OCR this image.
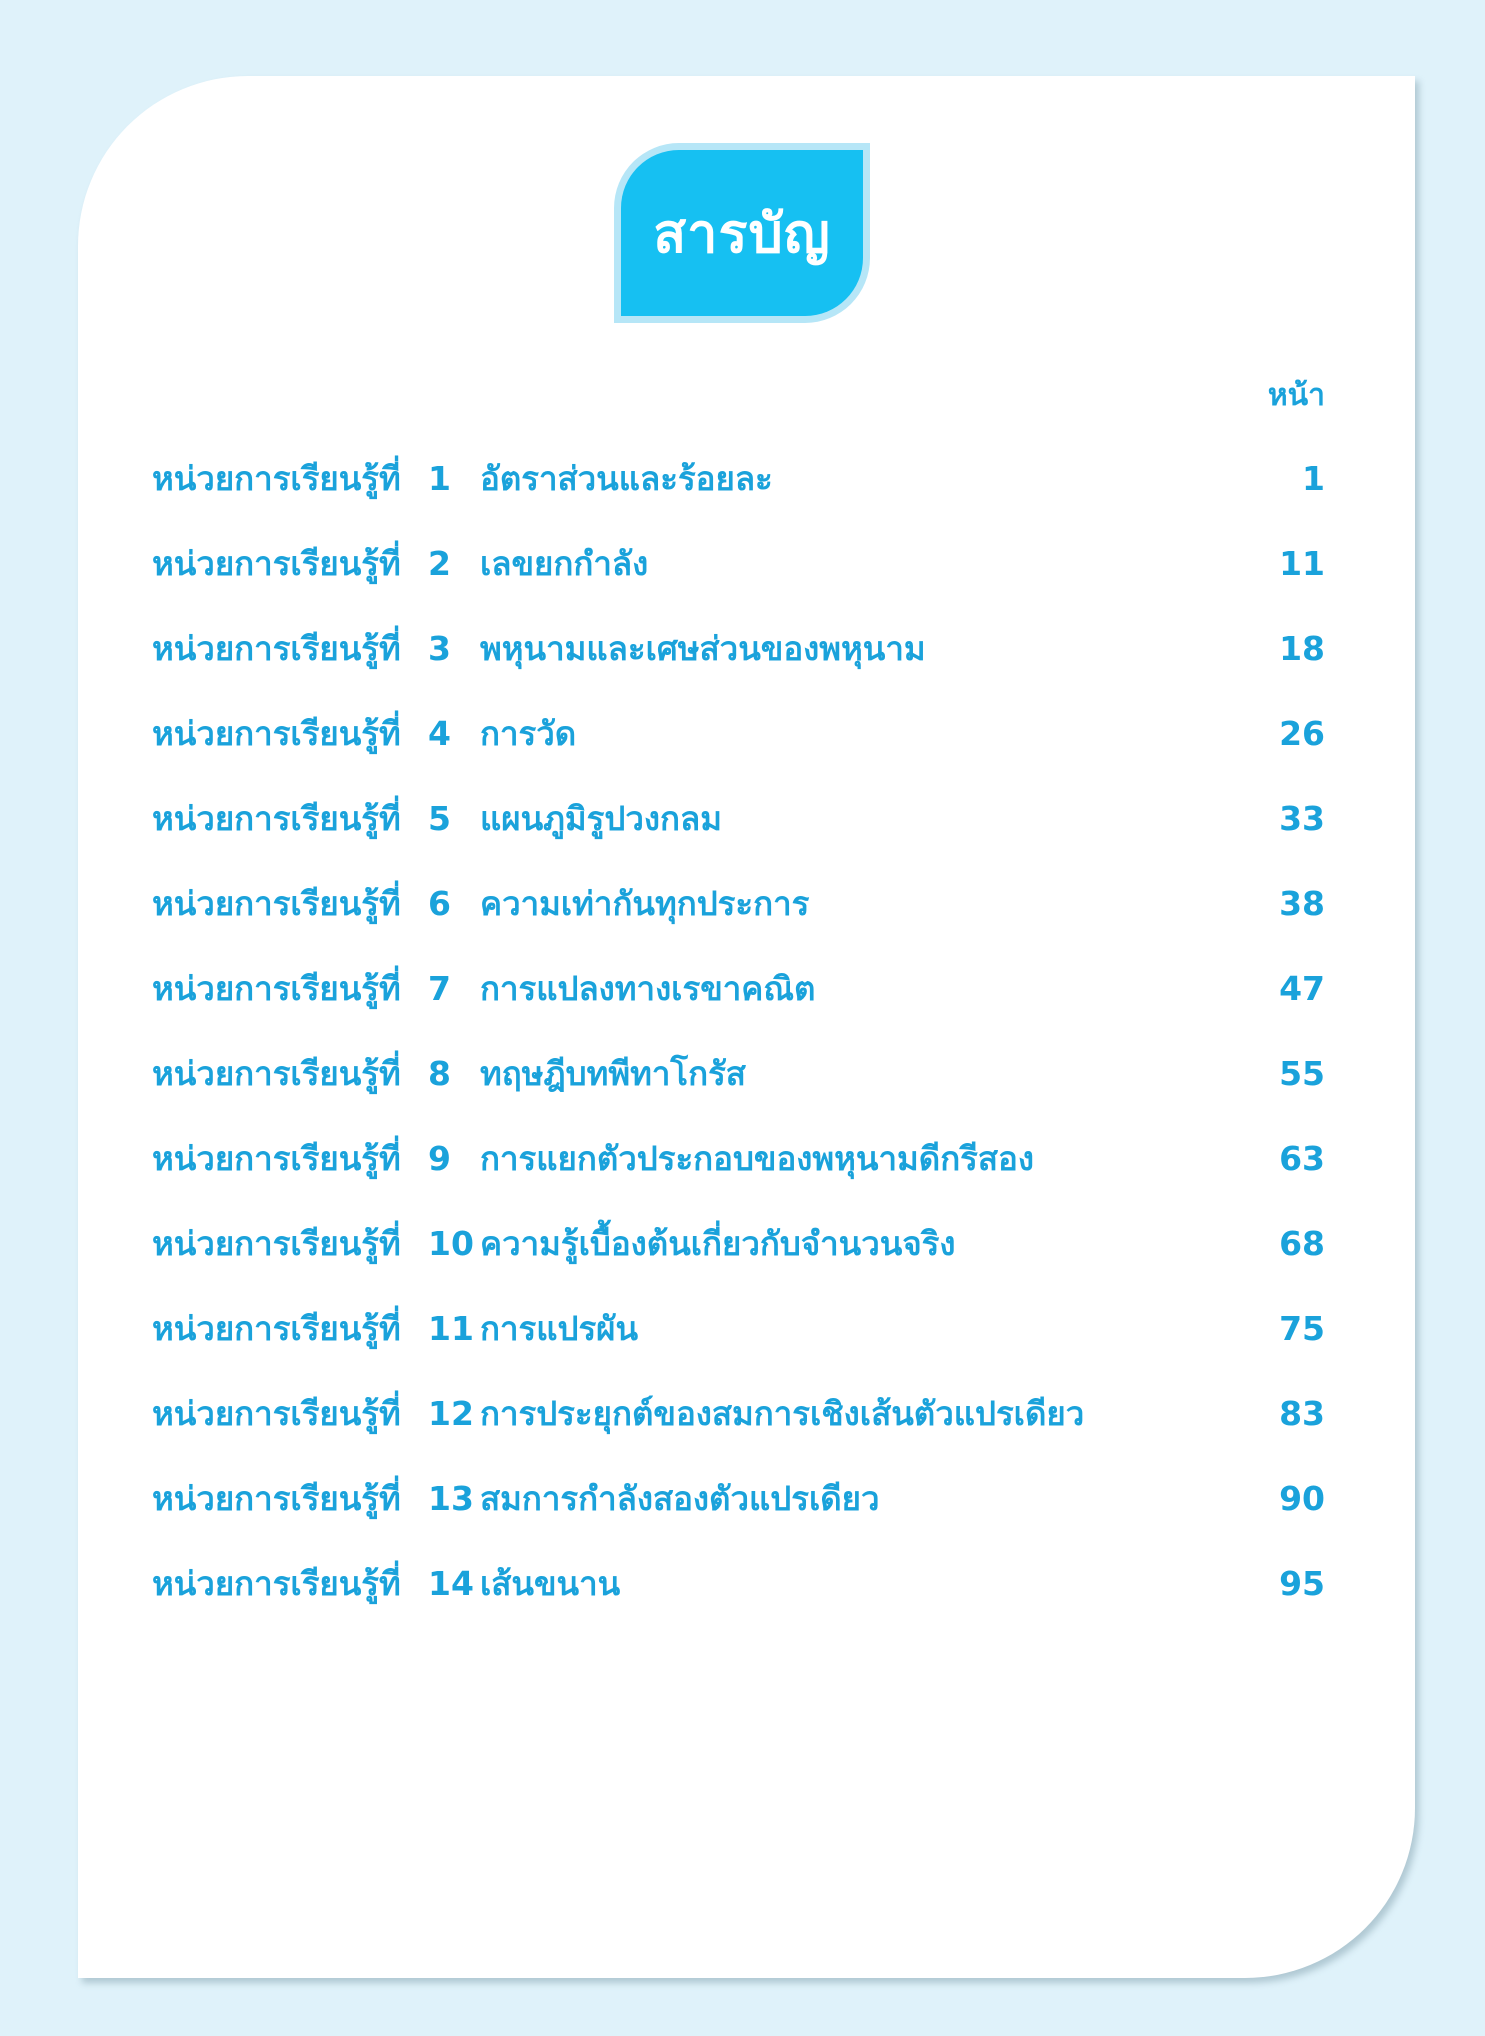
สารบัญ
หน้า
หน่วยการเรียนรู้ที่ 1 อัตราส่วนและร้อยละ	1
หน่วยการเรียนรู้ที่ 2 เลขยกกำลัง	11
หน่วยการเรียนรู้ที่ 3 พหุนามและเศษส่วนของพหุนาม	18
หน่วยการเรียนรู้ที่ 4 การวัด	26
หน่วยการเรียนรู้ที่ 5 แผนภูมิรูปวงกลม	33
หน่วยการเรียนรู้ที่ 6 ความเท่ากันทุกประการ	38
หน่วยการเรียนรู้ที่ 7 การแปลงทางเรขาคณิต	47
หน่วยการเรียนรู้ที่ 8 ทฤษฎีบทพีทาโกรัส	55
หน่วยการเรียนรู้ที่ 9 การแยกตัวประกอบของพหุนามดีกรีสอง	63
หน่วยการเรียนรู้ที่ 10 ความรู้เบื้องต้นเกี่ยวกับจำนวนจริง	68
หน่วยการเรียนรู้ที่ 11 การแปรผัน	75
หน่วยการเรียนรู้ที่ 12 การประยุกต์ของสมการเชิงเส้นตัวแปรเดียว	83
หน่วยการเรียนรู้ที่ 13 สมการกำลังสองตัวแปรเดียว	90
หน่วยการเรียนรู้ที่ 14 เส้นขนาน	95
